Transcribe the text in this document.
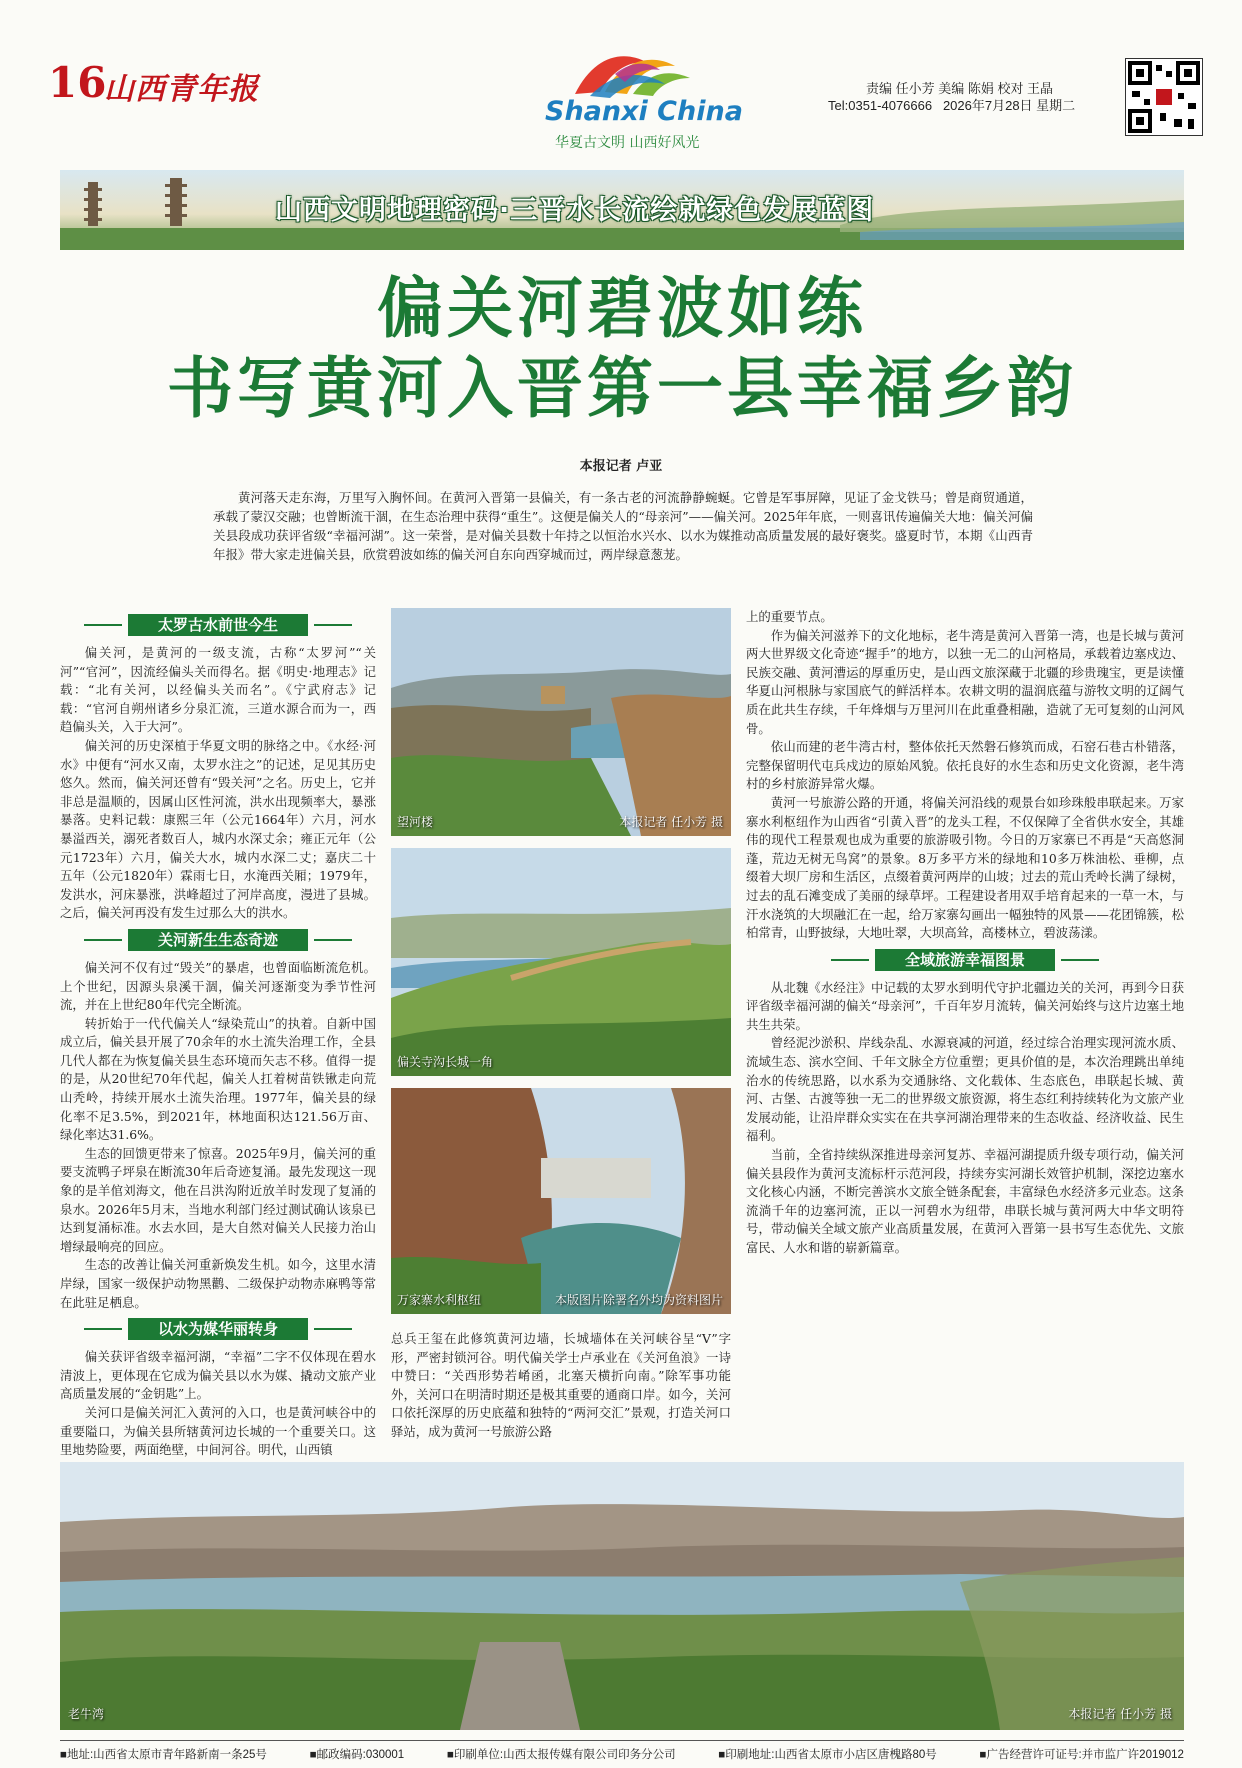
16
山西青年报
Shanxi China
华夏古文明 山西好风光
责编 任小芳 美编 陈娟 校对 王晶
Tel:0351-4076666 2026年7月28日 星期二
山西文明地理密码·三晋水长流绘就绿色发展蓝图
偏关河碧波如练
书写黄河入晋第一县幸福乡韵
本报记者 卢亚
黄河落天走东海，万里写入胸怀间。在黄河入晋第一县偏关，有一条古老的河流静静蜿蜒。它曾是军事屏障，见证了金戈铁马；曾是商贸通道，承载了蒙汉交融；也曾断流干涸，在生态治理中获得“重生”。这便是偏关人的“母亲河”——偏关河。2025年年底，一则喜讯传遍偏关大地：偏关河偏关县段成功获评省级“幸福河湖”。这一荣誉，是对偏关县数十年持之以恒治水兴水、以水为媒推动高质量发展的最好褒奖。盛夏时节，本期《山西青年报》带大家走进偏关县，欣赏碧波如练的偏关河自东向西穿城而过，两岸绿意葱茏。
太罗古水前世今生

偏关河，是黄河的一级支流，古称“太罗河”“关河”“官河”，因流经偏头关而得名。据《明史·地理志》记载：“北有关河，以经偏头关而名”。《宁武府志》记载：“官河自朔州诸乡分泉汇流，三道水源合而为一，西趋偏头关，入于大河”。

偏关河的历史深植于华夏文明的脉络之中。《水经·河水》中便有“河水又南，太罗水注之”的记述，足见其历史悠久。然而，偏关河还曾有“毁关河”之名。历史上，它并非总是温顺的，因属山区性河流，洪水出现频率大，暴涨暴落。史料记载：康熙三年（公元1664年）六月，河水暴溢西关，溺死者数百人，城内水深丈余；雍正元年（公元1723年）六月，偏关大水，城内水深二丈；嘉庆二十五年（公元1820年）霖雨七日，水淹西关厢；1979年，发洪水，河床暴涨，洪峰超过了河岸高度，漫进了县城。之后，偏关河再没有发生过那么大的洪水。

关河新生生态奇迹

偏关河不仅有过“毁关”的暴虐，也曾面临断流危机。上个世纪，因源头泉溪干涸，偏关河逐渐变为季节性河流，并在上世纪80年代完全断流。

转折始于一代代偏关人“绿染荒山”的执着。自新中国成立后，偏关县开展了70余年的水土流失治理工作，全县几代人都在为恢复偏关县生态环境而矢志不移。值得一提的是，从20世纪70年代起，偏关人扛着树苗铁锹走向荒山秃岭，持续开展水土流失治理。1977年，偏关县的绿化率不足3.5%，到2021年，林地面积达121.56万亩、绿化率达31.6%。

生态的回馈更带来了惊喜。2025年9月，偏关河的重要支流鸭子坪泉在断流30年后奇迹复涌。最先发现这一现象的是羊倌刘海文，他在吕洪沟附近放羊时发现了复涌的泉水。2026年5月末，当地水利部门经过测试确认该泉已达到复涌标准。水去水回，是大自然对偏关人民接力治山增绿最响亮的回应。

生态的改善让偏关河重新焕发生机。如今，这里水清岸绿，国家一级保护动物黑鹳、二级保护动物赤麻鸭等常在此驻足栖息。

以水为媒华丽转身

偏关获评省级幸福河湖，“幸福”二字不仅体现在碧水清波上，更体现在它成为偏关县以水为媒、撬动文旅产业高质量发展的“金钥匙”上。

关河口是偏关河汇入黄河的入口，也是黄河峡谷中的重要隘口，为偏关县所辖黄河边长城的一个重要关口。这里地势险要，两面绝壁，中间河谷。明代，山西镇

望河楼	本报记者 任小芳 摄
偏关寺沟长城一角
万家寨水利枢纽	本版图片除署名外均为资料图片

总兵王玺在此修筑黄河边墙，长城墙体在关河峡谷呈“V”字形，严密封锁河谷。明代偏关学士卢承业在《关河鱼浪》一诗中赞曰：“关西形势若崤函，北塞天横折向南。”除军事功能外，关河口在明清时期还是极其重要的通商口岸。如今，关河口依托深厚的历史底蕴和独特的“两河交汇”景观，打造关河口驿站，成为黄河一号旅游公路

上的重要节点。

作为偏关河滋养下的文化地标，老牛湾是黄河入晋第一湾，也是长城与黄河两大世界级文化奇迹“握手”的地方，以独一无二的山河格局，承载着边塞戍边、民族交融、黄河漕运的厚重历史，是山西文旅深藏于北疆的珍贵瑰宝，更是读懂华夏山河根脉与家国底气的鲜活样本。农耕文明的温润底蕴与游牧文明的辽阔气质在此共生存续，千年烽烟与万里河川在此重叠相融，造就了无可复刻的山河风骨。

依山而建的老牛湾古村，整体依托天然磐石修筑而成，石窑石巷古朴错落，完整保留明代屯兵戍边的原始风貌。依托良好的水生态和历史文化资源，老牛湾村的乡村旅游异常火爆。

黄河一号旅游公路的开通，将偏关河沿线的观景台如珍珠般串联起来。万家寨水利枢纽作为山西省“引黄入晋”的龙头工程，不仅保障了全省供水安全，其雄伟的现代工程景观也成为重要的旅游吸引物。今日的万家寨已不再是“天高悠洞蓬，荒边无树无鸟窝”的景象。8万多平方米的绿地和10多万株油松、垂柳，点缀着大坝厂房和生活区，点缀着黄河两岸的山坡；过去的荒山秃岭长满了绿树，过去的乱石滩变成了美丽的绿草坪。工程建设者用双手培育起来的一草一木，与汗水浇筑的大坝融汇在一起，给万家寨勾画出一幅独特的风景——花团锦簇，松柏常青，山野披绿，大地吐翠，大坝高耸，高楼林立，碧波荡漾。

全域旅游幸福图景

从北魏《水经注》中记载的太罗水到明代守护北疆边关的关河，再到今日获评省级幸福河湖的偏关“母亲河”，千百年岁月流转，偏关河始终与这片边塞土地共生共荣。

曾经泥沙淤积、岸线杂乱、水源衰减的河道，经过综合治理实现河流水质、流域生态、滨水空间、千年文脉全方位重塑；更具价值的是，本次治理跳出单纯治水的传统思路，以水系为交通脉络、文化载体、生态底色，串联起长城、黄河、古堡、古渡等独一无二的世界级文旅资源，将生态红利持续转化为文旅产业发展动能，让沿岸群众实实在在共享河湖治理带来的生态收益、经济收益、民生福利。

当前，全省持续纵深推进母亲河复苏、幸福河湖提质升级专项行动，偏关河偏关县段作为黄河支流标杆示范河段，持续夯实河湖长效管护机制，深挖边塞水文化核心内涵，不断完善滨水文旅全链条配套，丰富绿色水经济多元业态。这条流淌千年的边塞河流，正以一河碧水为纽带，串联长城与黄河两大中华文明符号，带动偏关全域文旅产业高质量发展，在黄河入晋第一县书写生态优先、文旅富民、人水和谐的崭新篇章。

老牛湾	本报记者 任小芳 摄
■地址:山西省太原市青年路新南一条25号	■邮政编码:030001	■印刷单位:山西太报传媒有限公司印务分公司	■印刷地址:山西省太原市小店区唐槐路80号	■广告经营许可证号:并市监广许2019012
